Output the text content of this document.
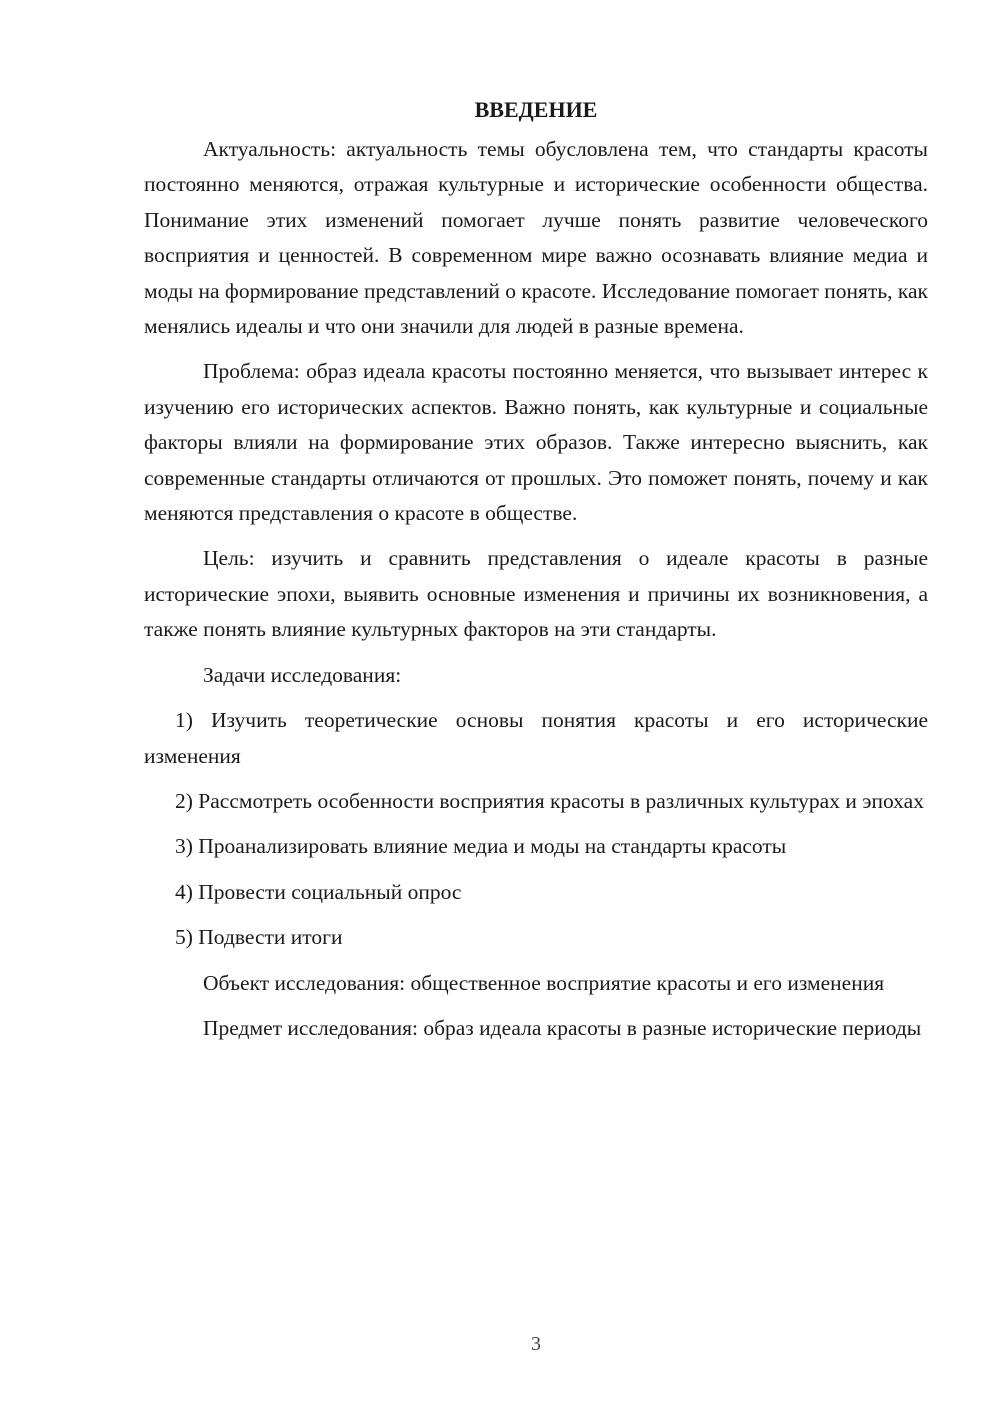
ВВЕДЕНИЕ

Актуальность: актуальность темы обусловлена тем, что стандарты красоты постоянно меняются, отражая культурные и исторические особенности общества. Понимание этих изменений помогает лучше понять развитие человеческого восприятия и ценностей. В современном мире важно осознавать влияние медиа и моды на формирование представлений о красоте. Исследование помогает понять, как менялись идеалы и что они значили для людей в разные времена.

Проблема: образ идеала красоты постоянно меняется, что вызывает интерес к изучению его исторических аспектов. Важно понять, как культурные и социальные факторы влияли на формирование этих образов. Также интересно выяснить, как современные стандарты отличаются от прошлых. Это поможет понять, почему и как меняются представления о красоте в обществе.

Цель: изучить и сравнить представления о идеале красоты в разные исторические эпохи, выявить основные изменения и причины их возникновения, а также понять влияние культурных факторов на эти стандарты.

Задачи исследования:

1) Изучить теоретические основы понятия красоты и его исторические изменения

2) Рассмотреть особенности восприятия красоты в различных культурах и эпохах

3) Проанализировать влияние медиа и моды на стандарты красоты

4) Провести социальный опрос

5) Подвести итоги

Объект исследования: общественное восприятие красоты и его изменения

Предмет исследования: образ идеала красоты в разные исторические периоды

3
